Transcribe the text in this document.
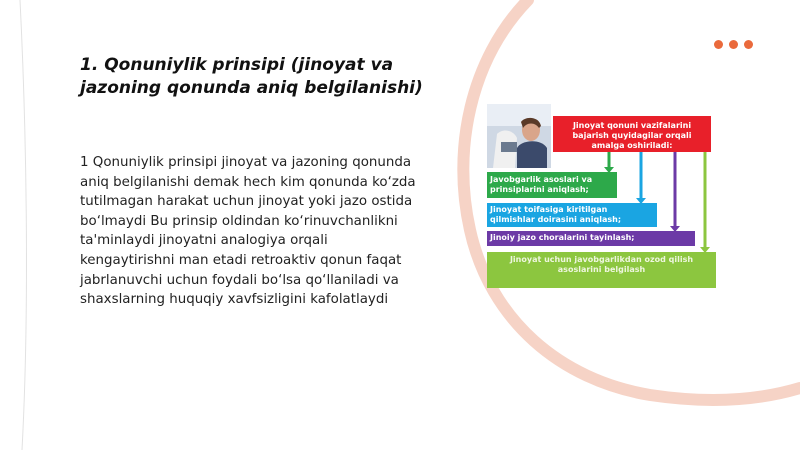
1. Qonuniylik prinsipi (jinoyat va jazoning qonunda aniq belgilanishi)
1 Qonuniylik prinsipi jinoyat va jazoning qonunda aniq belgilanishi demak hech kim qonunda ko‘zda tutilmagan harakat uchun jinoyat yoki jazo ostida bo‘lmaydi Bu prinsip oldindan ko‘rinuvchanlikni ta'minlaydi jinoyatni analogiya orqali kengaytirishni man etadi retroaktiv qonun faqat jabrlanuvchi uchun foydali bo‘lsa qo‘llaniladi va shaxslarning huquqiy xavfsizligini kafolatlaydi
Jinoyat qonuni vazifalarini bajarish quyidagilar orqali amalga oshiriladi:
Javobgarlik asoslari va prinsiplarini aniqlash;
Jinoyat toifasiga kiritilgan qilmishlar doirasini aniqlash;
Jinoiy jazo choralarini tayinlash;
Jinoyat uchun javobgarlikdan ozod qilish asoslarini belgilash
